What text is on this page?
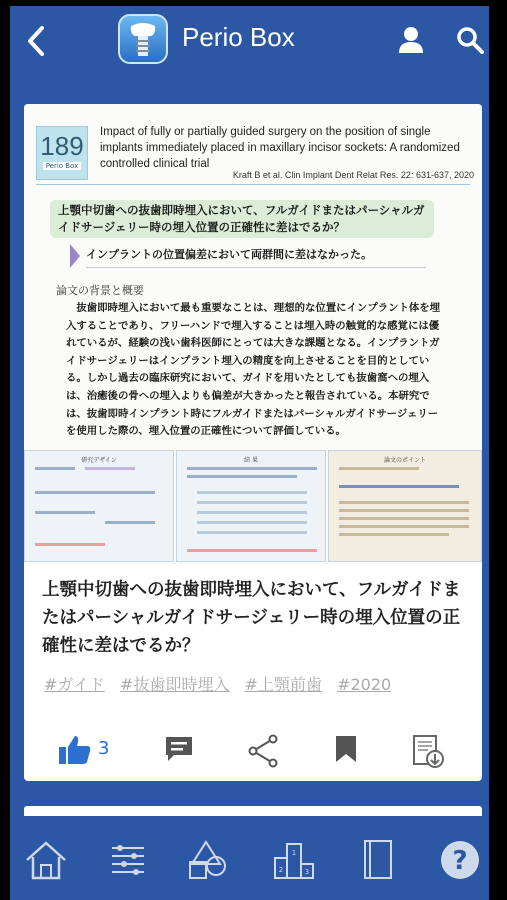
Perio Box
189
Perio Box
Impact of fully or partially guided surgery on the position of single implants immediately placed in maxillary incisor sockets: A randomized controlled clinical trial
Kraft B et al. Clin Implant Dent Relat Res. 22: 631-637, 2020
上顎中切歯への抜歯即時埋入において、フルガイドまたはパーシャルガイドサージェリー時の埋入位置の正確性に差はでるか？
インプラントの位置偏差において両群間に差はなかった。
論文の背景と概要
抜歯即時埋入において最も重要なことは、理想的な位置にインプラント体を埋入することであり、フリーハンドで埋入することは埋入時の触覚的な感覚には優れているが、経験の浅い歯科医師にとっては大きな課題となる。インプラントガイドサージェリーはインプラント埋入の精度を向上させることを目的としている。しかし過去の臨床研究において、ガイドを用いたとしても抜歯窩への埋入は、治癒後の骨への埋入よりも偏差が大きかったと報告されている。本研究では、抜歯即時インプラント時にフルガイドまたはパーシャルガイドサージェリーを使用した際の、埋入位置の正確性について評価している。
研究デザイン	結 果	論文のポイント
上顎中切歯への抜歯即時埋入において、フルガイドまたはパーシャルガイドサージェリー時の埋入位置の正確性に差はでるか？
#ガイド #抜歯即時埋入 #上顎前歯 #2020
3
1
2	3	?
